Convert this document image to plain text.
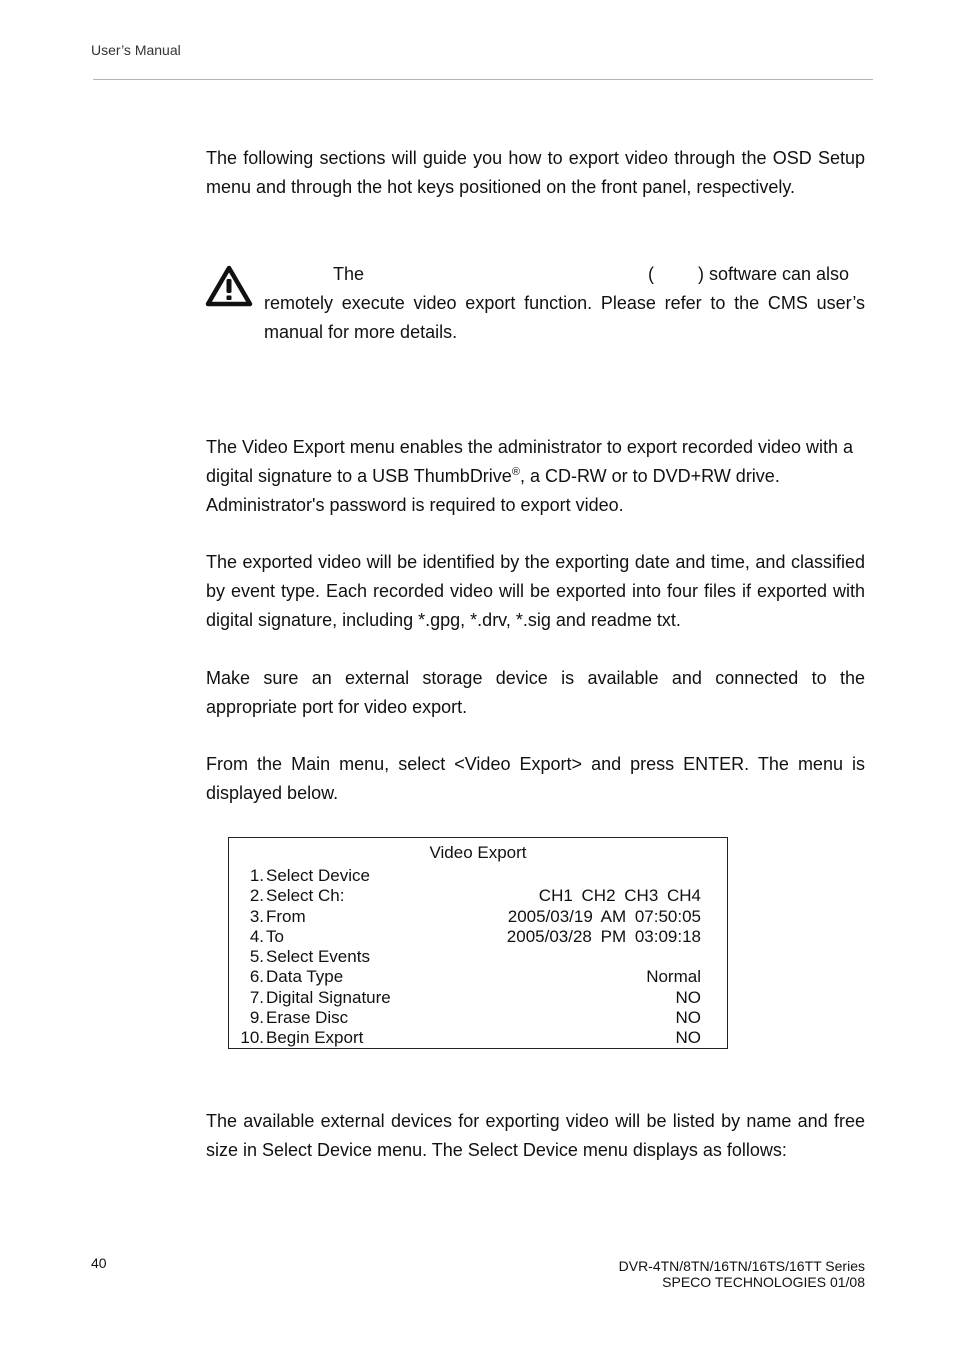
User’s Manual
The following sections will guide you how to export video through the OSD Setup menu and through the hot keys positioned on the front panel, respectively.
The	( ) software can also
remotely execute video export function. Please refer to the CMS user’s
manual for more details.
The Video Export menu enables the administrator to export recorded video with a digital signature to a USB ThumbDrive®, a CD-RW or to DVD+RW drive. Administrator's password is required to export video.
The exported video will be identified by the exporting date and time, and classified by event type. Each recorded video will be exported into four files if exported with digital signature, including *.gpg, *.drv, *.sig and readme txt.
Make sure an external storage device is available and connected to the appropriate port for video export.
From the Main menu, select <Video Export> and press ENTER. The menu is displayed below.
Video Export
1. Select Device
2. Select Ch:	CH1 CH2 CH3 CH4
3. From	2005/03/19 AM 07:50:05
4. To	2005/03/28 PM 03:09:18
5. Select Events
6. Data Type	Normal
7. Digital Signature	NO
9. Erase Disc	NO
10. Begin Export	NO
The available external devices for exporting video will be listed by name and free size in Select Device menu. The Select Device menu displays as follows:
40	DVR-4TN/8TN/16TN/16TS/16TT Series
SPECO TECHNOLOGIES 01/08
